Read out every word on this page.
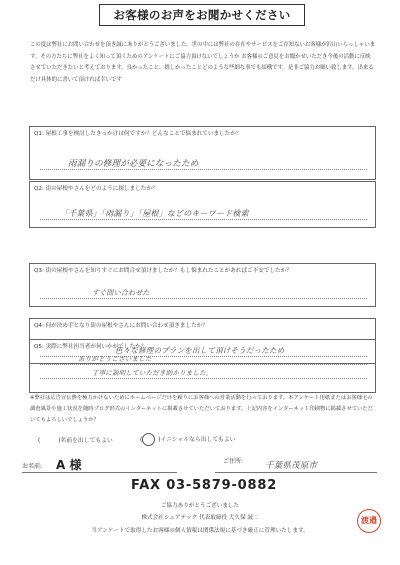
お客様のお声をお聞かせください
この度は弊社にお問い合わせを頂き誠にありがとうございました。世の中には弊社の存在やサービスをご存知ないお客様が沢山いらっしゃいます。その方たちに弊社をよく知って頂くためのアンケートにご協力頂けないでしょうか お客様のご意見をお聞かせいただき今後の活動に反映させていただきたいと考えております。良かったこと、嬉しかったことどのような些細な事でも結構です。是非ご協力お願い致します。出来るだけ具体的に書いて頂ければ幸いです
Q1: 屋根工事を検討したきっかけは何ですか？どんなことで悩まれていましたか？
雨漏りの修理が必要になったため
Q2: 街の屋根やさんをどのように探しましたか？
「千葉県」「雨漏り」「屋根」などのキーワード検索
Q3: 街の屋根やさんを知りすぐにお問合せ頂けましたか？もし悩まれたことがあればご不安でしたか？
すぐ問い合わせた
Q4: 何が決め手となり街の屋根やさんにお問い合わせ頂きましたか？
色々な修理のプランを出して頂けそうだったため
Q5: 実際に弊社担当者が伺いかがでしたか？
ありがとうございました
丁寧に説明していただき助かりました。
※弊社は広告宣伝費を極力かけないためにホームページだけを頼りにお客様への営業活動を行っております。本アンケート用紙またはお客様宅の調査風景や施工状況を随時ブログ形式のインターネットに掲載させていただいております。上記内容をインターネット印刷物に掲載させていただいてもよろしいでしょうか？
(	)名前を出してもよい	(	)イニシャルなら出してもよい
お名前: A 様	ご住所:	千葉県茂原市
FAX 03-5879-0882
ご協力ありがとうございました
株式会社シェアテック 代表取締役 大久保 誠二
当アンケートで取得したお客様の個人情報は関係法規に基づき厳正に管理いたします。
渡邉
